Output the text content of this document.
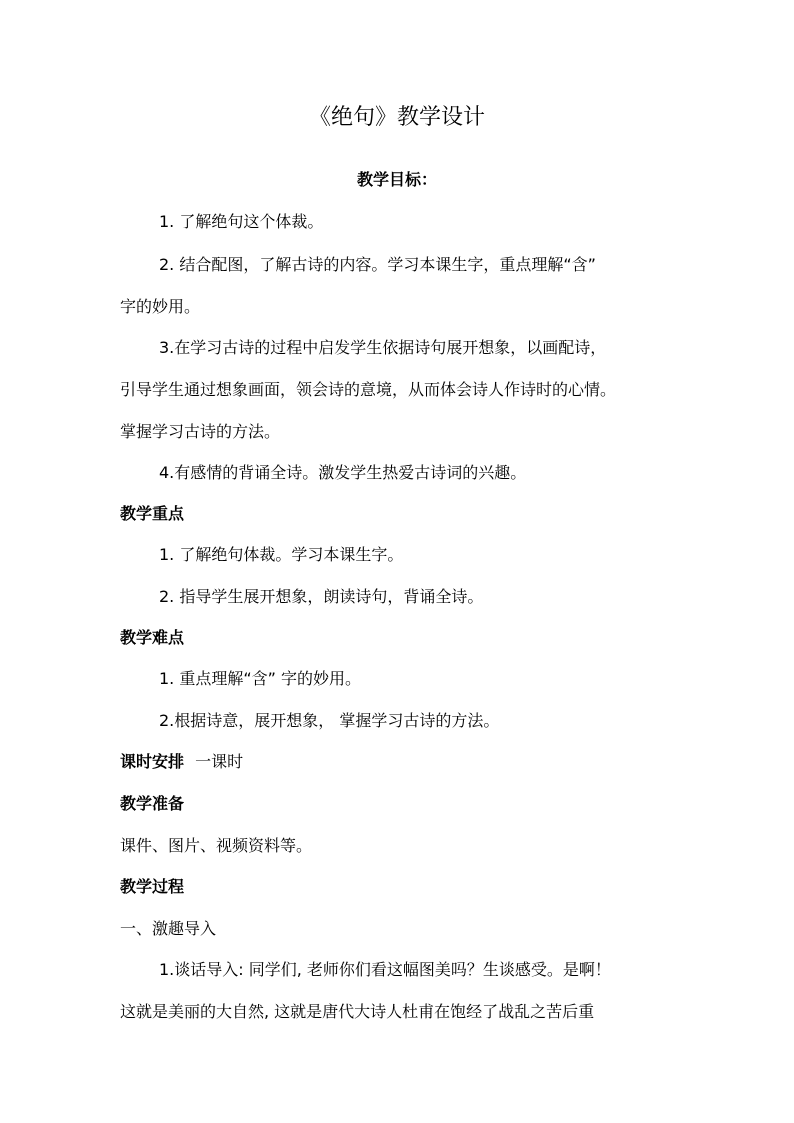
《绝句》教学设计
教学目标：
1. 了解绝句这个体裁。
2. 结合配图，了解古诗的内容。学习本课生字，重点理解“含”
字的妙用。
3.在学习古诗的过程中启发学生依据诗句展开想象，以画配诗，
引导学生通过想象画面，领会诗的意境，从而体会诗人作诗时的心情。
掌握学习古诗的方法。
4.有感情的背诵全诗。激发学生热爱古诗词的兴趣。
教学重点
1. 了解绝句体裁。学习本课生字。
2. 指导学生展开想象，朗读诗句，背诵全诗。
教学难点
1. 重点理解“含” 字的妙用。
2.根据诗意，展开想象， 掌握学习古诗的方法。
课时安排 一课时
教学准备
课件、图片、视频资料等。
教学过程
一、激趣导入
1.谈话导入: 同学们, 老师你们看这幅图美吗？生谈感受。是啊！
这就是美丽的大自然, 这就是唐代大诗人杜甫在饱经了战乱之苦后重
